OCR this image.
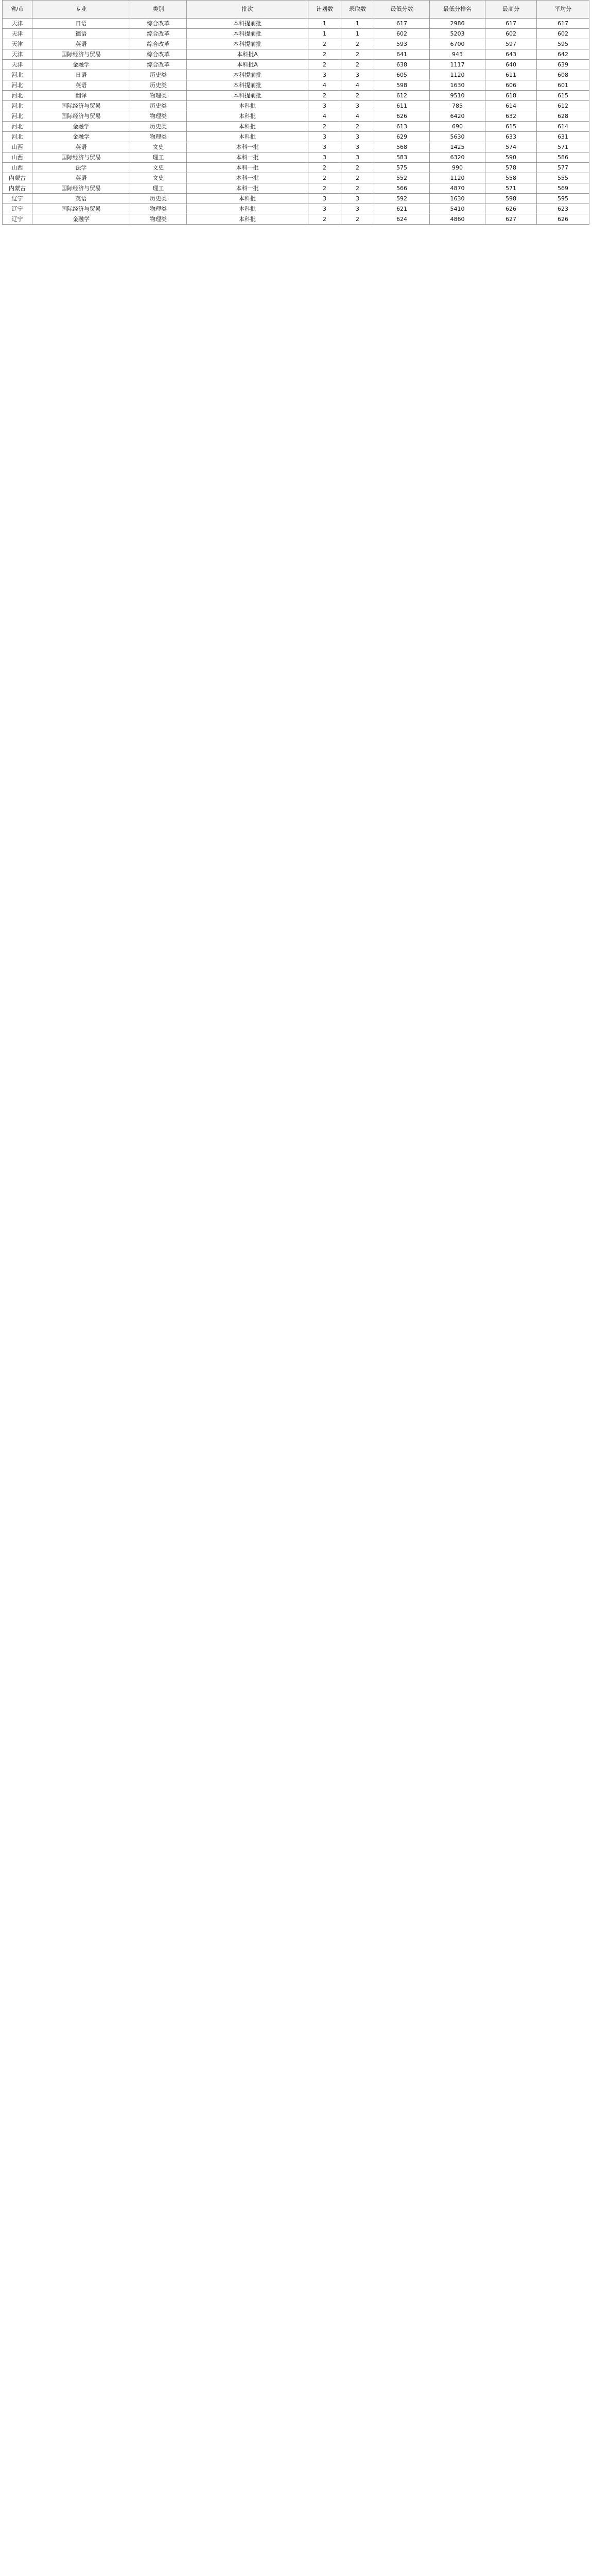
省/市	专业	类别	批次	计划数	录取数	最低分数	最低分排名	最高分	平均分
天津	日语	综合改革	本科提前批	1	1	617	2986	617	617
天津	德语	综合改革	本科提前批	1	1	602	5203	602	602
天津	英语	综合改革	本科提前批	2	2	593	6700	597	595
天津	国际经济与贸易	综合改革	本科批A	2	2	641	943	643	642
天津	金融学	综合改革	本科批A	2	2	638	1117	640	639
河北	日语	历史类	本科提前批	3	3	605	1120	611	608
河北	英语	历史类	本科提前批	4	4	598	1630	606	601
河北	翻译	物理类	本科提前批	2	2	612	9510	618	615
河北	国际经济与贸易	历史类	本科批	3	3	611	785	614	612
河北	国际经济与贸易	物理类	本科批	4	4	626	6420	632	628
河北	金融学	历史类	本科批	2	2	613	690	615	614
河北	金融学	物理类	本科批	3	3	629	5630	633	631
山西	英语	文史	本科一批	3	3	568	1425	574	571
山西	国际经济与贸易	理工	本科一批	3	3	583	6320	590	586
山西	法学	文史	本科一批	2	2	575	990	578	577
内蒙古	英语	文史	本科一批	2	2	552	1120	558	555
内蒙古	国际经济与贸易	理工	本科一批	2	2	566	4870	571	569
辽宁	英语	历史类	本科批	3	3	592	1630	598	595
辽宁	国际经济与贸易	物理类	本科批	3	3	621	5410	626	623
辽宁	金融学	物理类	本科批	2	2	624	4860	627	626
